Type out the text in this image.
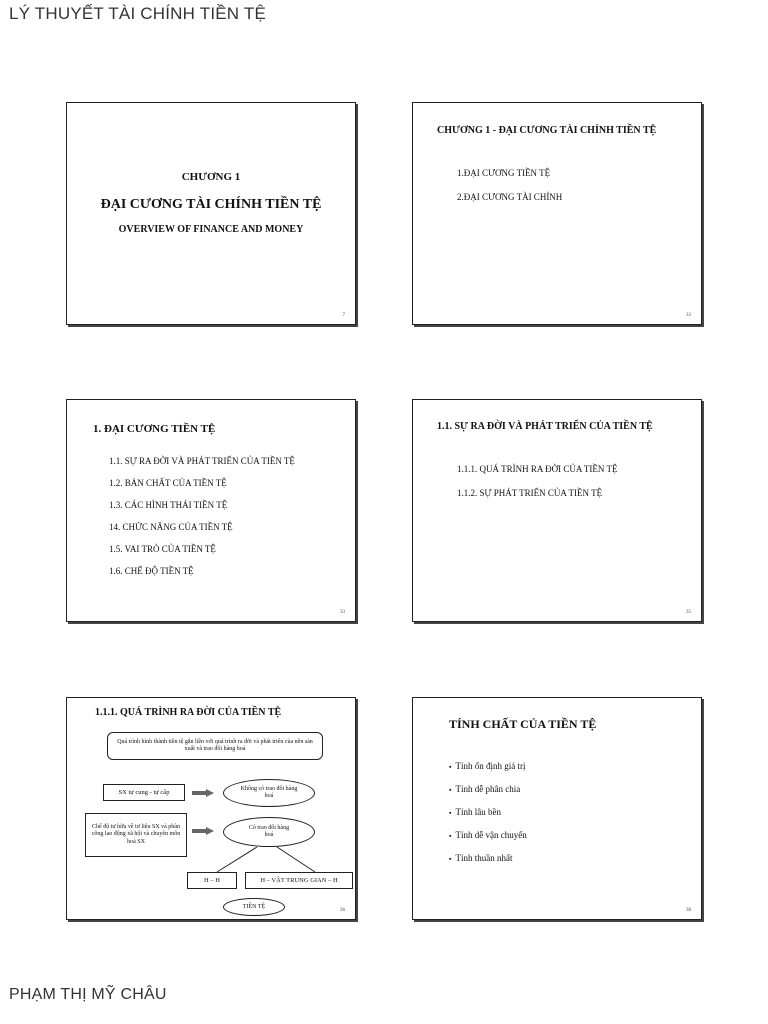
LÝ THUYẾT TÀI CHÍNH TIỀN TỆ
CHƯƠNG 1
ĐẠI CƯƠNG TÀI CHÍNH TIỀN TỆ
OVERVIEW OF FINANCE AND MONEY
7
CHƯƠNG 1 - ĐẠI CƯƠNG TÀI CHÍNH TIỀN TỆ
1.ĐẠI CƯƠNG TIỀN TỆ
2.ĐẠI CƯƠNG TÀI CHÍNH
33
1. ĐẠI CƯƠNG TIỀN TỆ
1.1. SỰ RA ĐỜI VÀ PHÁT TRIỂN CỦA TIỀN TỆ
1.2. BẢN CHẤT CỦA TIỀN TỆ
1.3. CÁC HÌNH THÁI TIỀN TỆ
14. CHỨC NĂNG CỦA TIỀN TỆ
1.5. VAI TRÒ CỦA TIỀN TỆ
1.6. CHẾ ĐỘ TIỀN TỆ
33
1.1. SỰ RA ĐỜI VÀ PHÁT TRIỂN CỦA TIỀN TỆ
1.1.1. QUÁ TRÌNH RA ĐỜI CỦA TIỀN TỆ
1.1.2. SỰ PHÁT TRIỂN CỦA TIỀN TỆ
35
1.1.1. QUÁ TRÌNH RA ĐỜI CỦA TIỀN TỆ
Quá trình hình thành tiền tệ gắn liền với quá trình ra đời và phát triển của nền sản xuất và trao đổi hàng hoá
SX tự cung - tự cấp	Không có trao đổi hàng hoá
Chế độ tư hữu về tư liệu SX và phân công lao động xã hội và chuyên môn hoá SX
Có trao đổi hàng hoá
H – H	H – VẬT TRUNG GIAN – H
TIỀN TỆ
36
TÍNH CHẤT CỦA TIỀN TỆ
▪ Tính ổn định giá trị
▪ Tính dễ phân chia
▪ Tính lâu bền
▪ Tính dễ vận chuyển
▪ Tính thuần nhất
38
PHẠM THỊ MỸ CHÂU
